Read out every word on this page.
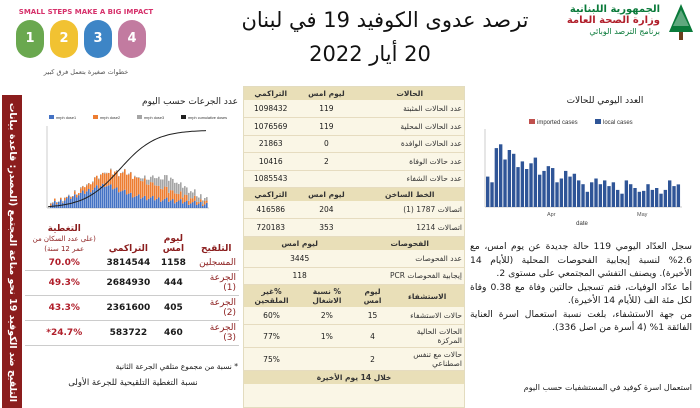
ترصد عدوى الكوفيد 19 في لبنان
20 أيار 2022
الجمهورية اللبنانية
وزارة الصحة العامة
برنامج الترصد الوبائي
SMALL STEPS MAKE A BIG IMPACT
1	2	3	4
خطوات صغيرة بتعمل فرق كبير
التلقيح ضد الكوفيد 19 نحو مناعة المجتمع (المصدر: قاعدة بيانات
عدد الجرعات حسب اليوم
mrph dose1	mrph dose2	mrph dose3	mrph cumulative doses
التلقيح	ليوم امس	التراكمي	التغطية
(على عدد السكان من عمر 12 سنة)
المسجلين	1158	3814544	70.0%
الجرعة (1)	444	2684930	49.3%
الجرعة (2)	405	2361600	43.3%
الجرعة (3)	460	583722	24.7%*
* نسبة من مجموع متلقي الجرعة الثانية
نسبة التغطية التلقيحية للجرعة الأولى
الحالات	ليوم امس	التراكمي
عدد الحالات المثبتة	119	1098432
عدد الحالات المحلية	119	1076569
عدد الحالات الوافدة	0	21863
عدد حالات الوفاة	2	10416
عدد حالات الشفاء		1085543
الخط الساخن	ليوم امس	التراكمي
اتصالات 1787 (1)	204	416586
اتصالات 1214	353	720183
الفحوصات	ليوم امس	
عدد الفحوصات	3445	
إيجابية الفحوصات PCR	118	
الاستشفاء	ليوم امس	% نسبة الاشغال	%غير الملقحين
حالات الاستشفاء	15	2%	60%
الحالات الحالية المركزة	4	1%	77%
حالات مع تنفس اصطناعي	2		75%
خلال 14 يوم الأخيرة			
العدد اليومي للحالات
imported cases	local cases
Apr	May
date

سجل العدّاد اليومي 119 حالة جديدة عن يوم امس، مع 2.6% لنسبة إيجابية الفحوصات المحلية (للأيام 14 الأخيرة). ويصنف التفشي المجتمعي على مستوى 2.

أما عدّاد الوفيات، فتم تسجيل حالتين وفاة مع 0.38 وفاة لكل مئة الف (للأيام 14 الأخيرة).

من جهة الاستشفاء، بلغت نسبة استعمال اسرة العناية الفائقة 1% (4 أسرة من اصل 336).

استعمال اسرة كوفيد في المستشفيات حسب اليوم
